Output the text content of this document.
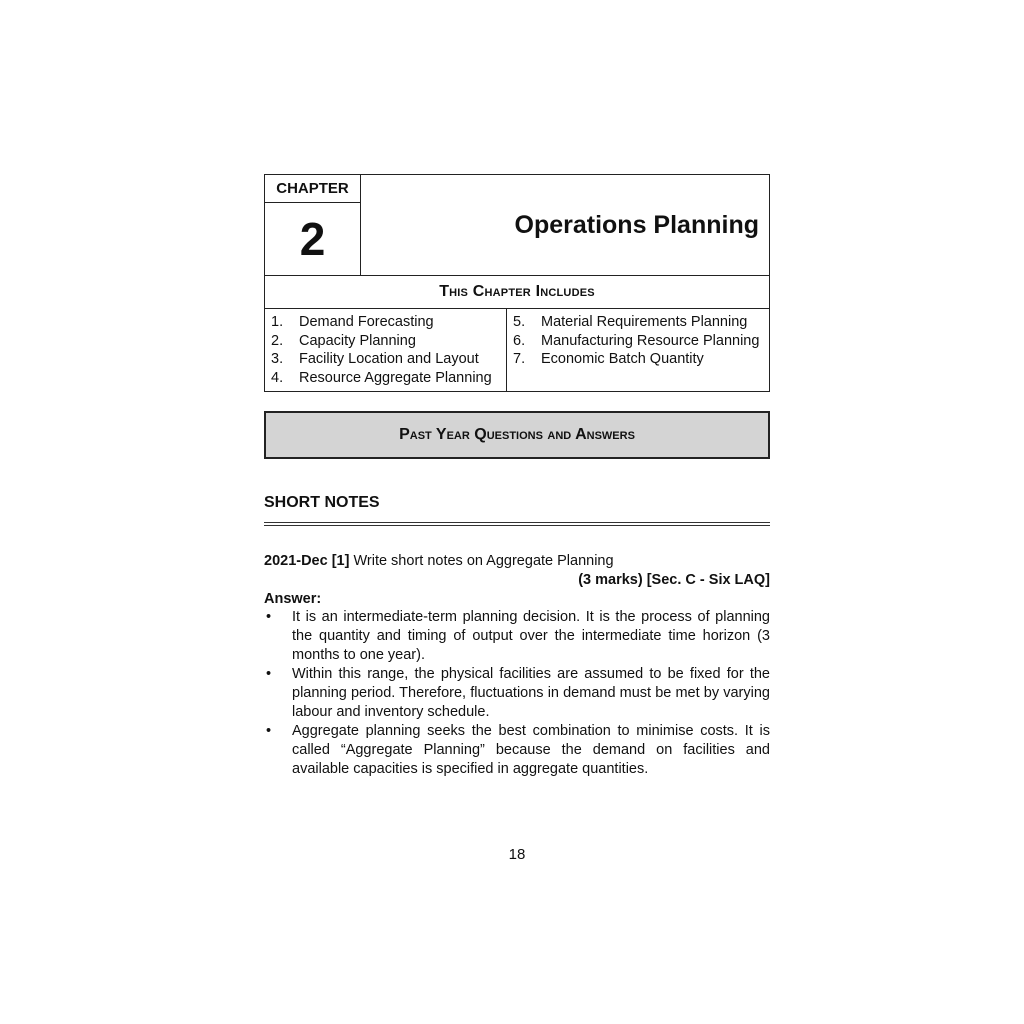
CHAPTER
2	Operations Planning
This Chapter Includes
1.	Demand Forecasting
2.	Capacity Planning
3.	Facility Location and Layout
4.	Resource Aggregate Planning
5.	Material Requirements Planning
6.	Manufacturing Resource Planning
7.	Economic Batch Quantity
Past Year Questions and Answers
SHORT NOTES
2021-Dec [1] Write short notes on Aggregate Planning
(3 marks) [Sec. C - Six LAQ]
Answer:
• It is an intermediate-term planning decision. It is the process of planning the quantity and timing of output over the intermediate time horizon (3 months to one year).
• Within this range, the physical facilities are assumed to be fixed for the planning period. Therefore, fluctuations in demand must be met by varying labour and inventory schedule.
• Aggregate planning seeks the best combination to minimise costs. It is called “Aggregate Planning” because the demand on facilities and available capacities is specified in aggregate quantities.
18
